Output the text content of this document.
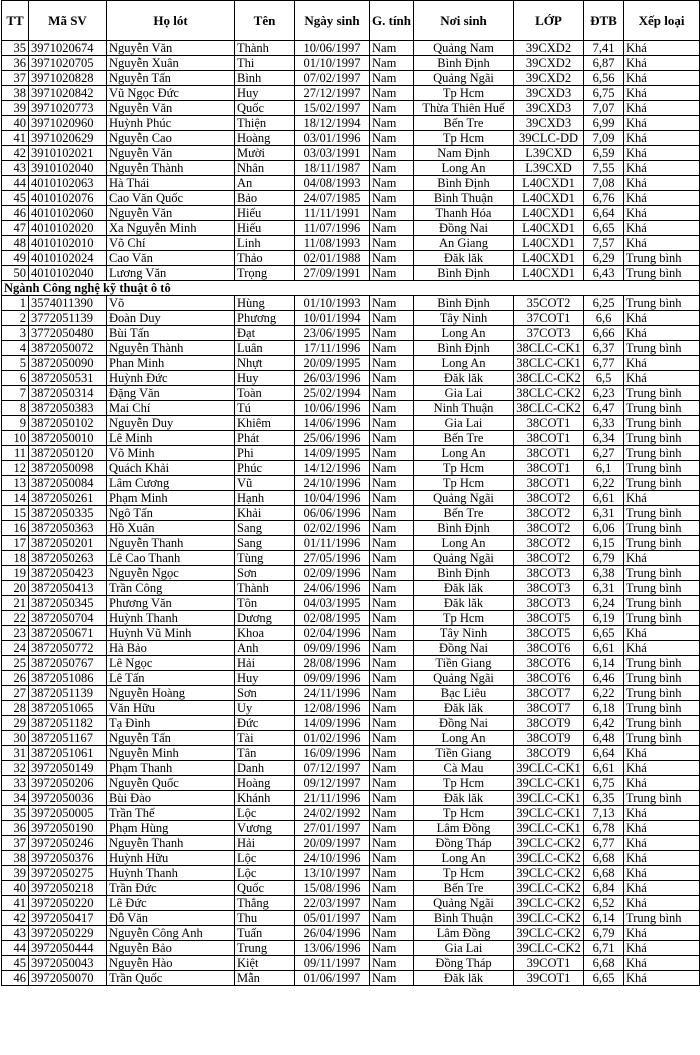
TT	Mã SV	Họ lót	Tên	Ngày sinh	G. tính	Nơi sinh	LỚP	ĐTB	Xếp loại
35	3971020674	Nguyễn Văn	Thành	10/06/1997	Nam	Quảng Nam	39CXD2	7,41	Khá
36	3971020705	Nguyễn Xuân	Thi	01/10/1997	Nam	Bình Định	39CXD2	6,87	Khá
37	3971020828	Nguyễn Tấn	Bình	07/02/1997	Nam	Quảng Ngãi	39CXD2	6,56	Khá
38	3971020842	Vũ Ngọc Đức	Huy	27/12/1997	Nam	Tp Hcm	39CXD3	6,75	Khá
39	3971020773	Nguyễn Văn	Quốc	15/02/1997	Nam	Thừa Thiên Huế	39CXD3	7,07	Khá
40	3971020960	Huỳnh Phúc	Thiện	18/12/1994	Nam	Bến Tre	39CXD3	6,99	Khá
41	3971020629	Nguyễn Cao	Hoàng	03/01/1996	Nam	Tp Hcm	39CLC-DD	7,09	Khá
42	3910102021	Nguyễn Văn	Mười	03/03/1991	Nam	Nam Định	L39CXD	6,59	Khá
43	3910102040	Nguyễn Thành	Nhân	18/11/1987	Nam	Long An	L39CXD	7,55	Khá
44	4010102063	Hà Thái	An	04/08/1993	Nam	Bình Định	L40CXD1	7,08	Khá
45	4010102076	Cao Văn Quốc	Bảo	24/07/1985	Nam	Bình Thuận	L40CXD1	6,76	Khá
46	4010102060	Nguyễn Văn	Hiếu	11/11/1991	Nam	Thanh Hóa	L40CXD1	6,64	Khá
47	4010102020	Xa Nguyễn Minh	Hiếu	11/07/1996	Nam	Đồng Nai	L40CXD1	6,65	Khá
48	4010102010	Võ Chí	Linh	11/08/1993	Nam	An Giang	L40CXD1	7,57	Khá
49	4010102024	Cao Văn	Thảo	02/01/1988	Nam	Đăk lăk	L40CXD1	6,29	Trung bình
50	4010102040	Lương Văn	Trọng	27/09/1991	Nam	Bình Định	L40CXD1	6,43	Trung bình
Ngành Công nghệ kỹ thuật ô tô									
1	3574011390	Võ	Hùng	01/10/1993	Nam	Bình Định	35COT2	6,25	Trung bình
2	3772051139	Đoàn Duy	Phương	10/01/1994	Nam	Tây Ninh	37COT1	6,6	Khá
3	3772050480	Bùi Tấn	Đạt	23/06/1995	Nam	Long An	37COT3	6,66	Khá
4	3872050072	Nguyễn Thành	Luân	17/11/1996	Nam	Bình Định	38CLC-CK1	6,37	Trung bình
5	3872050090	Phan Minh	Nhựt	20/09/1995	Nam	Long An	38CLC-CK1	6,77	Khá
6	3872050531	Huỳnh Đức	Huy	26/03/1996	Nam	Đăk lăk	38CLC-CK2	6,5	Khá
7	3872050314	Đặng Văn	Toàn	25/02/1994	Nam	Gia Lai	38CLC-CK2	6,23	Trung bình
8	3872050383	Mai Chí	Tú	10/06/1996	Nam	Ninh Thuận	38CLC-CK2	6,47	Trung bình
9	3872050102	Nguyễn Duy	Khiêm	14/06/1996	Nam	Gia Lai	38COT1	6,33	Trung bình
10	3872050010	Lê Minh	Phát	25/06/1996	Nam	Bến Tre	38COT1	6,34	Trung bình
11	3872050120	Võ Minh	Phi	14/09/1995	Nam	Long An	38COT1	6,27	Trung bình
12	3872050098	Quách Khải	Phúc	14/12/1996	Nam	Tp Hcm	38COT1	6,1	Trung bình
13	3872050084	Lâm Cương	Vũ	24/10/1996	Nam	Tp Hcm	38COT1	6,22	Trung bình
14	3872050261	Phạm Minh	Hạnh	10/04/1996	Nam	Quảng Ngãi	38COT2	6,61	Khá
15	3872050335	Ngô Tấn	Khải	06/06/1996	Nam	Bến Tre	38COT2	6,31	Trung bình
16	3872050363	Hồ Xuân	Sang	02/02/1996	Nam	Bình Định	38COT2	6,06	Trung bình
17	3872050201	Nguyễn Thanh	Sang	01/11/1996	Nam	Long An	38COT2	6,15	Trung bình
18	3872050263	Lê Cao Thanh	Tùng	27/05/1996	Nam	Quảng Ngãi	38COT2	6,79	Khá
19	3872050423	Nguyễn Ngọc	Sơn	02/09/1996	Nam	Bình Định	38COT3	6,38	Trung bình
20	3872050413	Trần Công	Thành	24/06/1996	Nam	Đăk lăk	38COT3	6,31	Trung bình
21	3872050345	Phương Văn	Tôn	04/03/1995	Nam	Đăk lăk	38COT3	6,24	Trung bình
22	3872050704	Huỳnh Thanh	Dương	02/08/1995	Nam	Tp Hcm	38COT5	6,19	Trung bình
23	3872050671	Huỳnh Vũ Minh	Khoa	02/04/1996	Nam	Tây Ninh	38COT5	6,65	Khá
24	3872050772	Hà Bảo	Anh	09/09/1996	Nam	Đồng Nai	38COT6	6,61	Khá
25	3872050767	Lê Ngọc	Hải	28/08/1996	Nam	Tiền Giang	38COT6	6,14	Trung bình
26	3872051086	Lê Tấn	Huy	09/09/1996	Nam	Quảng Ngãi	38COT6	6,46	Trung bình
27	3872051139	Nguyễn Hoàng	Sơn	24/11/1996	Nam	Bạc Liêu	38COT7	6,22	Trung bình
28	3872051065	Văn Hữu	Uy	12/08/1996	Nam	Đăk lăk	38COT7	6,18	Trung bình
29	3872051182	Tạ Đình	Đức	14/09/1996	Nam	Đồng Nai	38COT9	6,42	Trung bình
30	3872051167	Nguyễn Tấn	Tài	01/02/1996	Nam	Long An	38COT9	6,48	Trung bình
31	3872051061	Nguyễn Minh	Tân	16/09/1996	Nam	Tiền Giang	38COT9	6,64	Khá
32	3972050149	Phạm Thanh	Danh	07/12/1997	Nam	Cà Mau	39CLC-CK1	6,61	Khá
33	3972050206	Nguyễn Quốc	Hoàng	09/12/1997	Nam	Tp Hcm	39CLC-CK1	6,75	Khá
34	3972050036	Bùi Đào	Khánh	21/11/1996	Nam	Đăk lăk	39CLC-CK1	6,35	Trung bình
35	3972050005	Trần Thế	Lộc	24/02/1992	Nam	Tp Hcm	39CLC-CK1	7,13	Khá
36	3972050190	Phạm Hùng	Vương	27/01/1997	Nam	Lâm Đồng	39CLC-CK1	6,78	Khá
37	3972050246	Nguyễn Thanh	Hải	20/09/1997	Nam	Đồng Tháp	39CLC-CK2	6,77	Khá
38	3972050376	Huỳnh Hữu	Lộc	24/10/1996	Nam	Long An	39CLC-CK2	6,68	Khá
39	3972050275	Huỳnh Thanh	Lộc	13/10/1997	Nam	Tp Hcm	39CLC-CK2	6,68	Khá
40	3972050218	Trần Đức	Quốc	15/08/1996	Nam	Bến Tre	39CLC-CK2	6,84	Khá
41	3972050220	Lê Đức	Thắng	22/03/1997	Nam	Quảng Ngãi	39CLC-CK2	6,52	Khá
42	3972050417	Đỗ Văn	Thu	05/01/1997	Nam	Bình Thuận	39CLC-CK2	6,14	Trung bình
43	3972050229	Nguyễn Công Anh	Tuấn	26/04/1996	Nam	Lâm Đồng	39CLC-CK2	6,79	Khá
44	3972050444	Nguyễn Bảo	Trung	13/06/1996	Nam	Gia Lai	39CLC-CK2	6,71	Khá
45	3972050043	Nguyễn Hào	Kiệt	09/11/1997	Nam	Đồng Tháp	39COT1	6,68	Khá
46	3972050070	Trần Quốc	Mẫn	01/06/1997	Nam	Đăk lăk	39COT1	6,65	Khá
